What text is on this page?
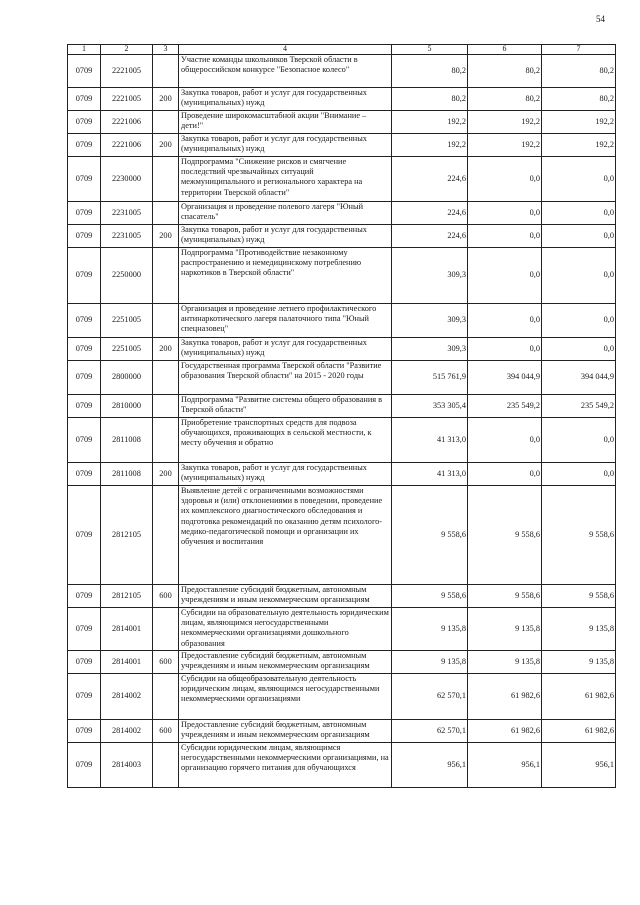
54
1	2	3	4	5	6	7
0709	2221005		Участие команды школьников Тверской области в общероссийском конкурсе "Безопасное колесо"	80,2	80,2	80,2
0709	2221005	200	Закупка товаров, работ и услуг для государственных (муниципальных) нужд	80,2	80,2	80,2
0709	2221006		Проведение широкомасштабной акции "Внимание – дети!"	192,2	192,2	192,2
0709	2221006	200	Закупка товаров, работ и услуг для государственных (муниципальных) нужд	192,2	192,2	192,2
0709	2230000		Подпрограмма "Снижение рисков и смягчение последствий чрезвычайных ситуаций межмуниципального и регионального характера на территории Тверской области"	224,6	0,0	0,0
0709	2231005		Организация и проведение полевого лагеря "Юный спасатель"	224,6	0,0	0,0
0709	2231005	200	Закупка товаров, работ и услуг для государственных (муниципальных) нужд	224,6	0,0	0,0
0709	2250000		Подпрограмма "Противодействие незаконному распространению и немедицинскому потреблению наркотиков в Тверской области"	309,3	0,0	0,0
0709	2251005		Организация и проведение летнего профилактического антинаркотического лагеря палаточного типа "Юный спецназовец"	309,3	0,0	0,0
0709	2251005	200	Закупка товаров, работ и услуг для государственных (муниципальных) нужд	309,3	0,0	0,0
0709	2800000		Государственная программа Тверской области "Развитие образования Тверской области" на 2015 - 2020 годы	515 761,9	394 044,9	394 044,9
0709	2810000		Подпрограмма "Развитие системы общего образования в Тверской области"	353 305,4	235 549,2	235 549,2
0709	2811008		Приобретение транспортных средств для подвоза обучающихся, проживающих в сельской местности, к месту обучения и обратно	41 313,0	0,0	0,0
0709	2811008	200	Закупка товаров, работ и услуг для государственных (муниципальных) нужд	41 313,0	0,0	0,0
0709	2812105		Выявление детей с ограниченными возможностями здоровья и (или) отклонениями в поведении, проведение их комплексного диагностического обследования и подготовка рекомендаций по оказанию детям психолого-медико-педагогической помощи и организации их обучения и воспитания	9 558,6	9 558,6	9 558,6
0709	2812105	600	Предоставление субсидий бюджетным, автономным учреждениям и иным некоммерческим организациям	9 558,6	9 558,6	9 558,6
0709	2814001		Субсидии на образовательную деятельность юридическим лицам, являющимся негосударственными некоммерческими организациями дошкольного образования	9 135,8	9 135,8	9 135,8
0709	2814001	600	Предоставление субсидий бюджетным, автономным учреждениям и иным некоммерческим организациям	9 135,8	9 135,8	9 135,8
0709	2814002		Субсидии на общеобразовательную деятельность юридическим лицам, являющимся негосударственными некоммерческими организациями	62 570,1	61 982,6	61 982,6
0709	2814002	600	Предоставление субсидий бюджетным, автономным учреждениям и иным некоммерческим организациям	62 570,1	61 982,6	61 982,6
0709	2814003		Субсидии юридическим лицам, являющимся негосударственными некоммерческими организациями, на организацию горячего питания для обучающихся	956,1	956,1	956,1
